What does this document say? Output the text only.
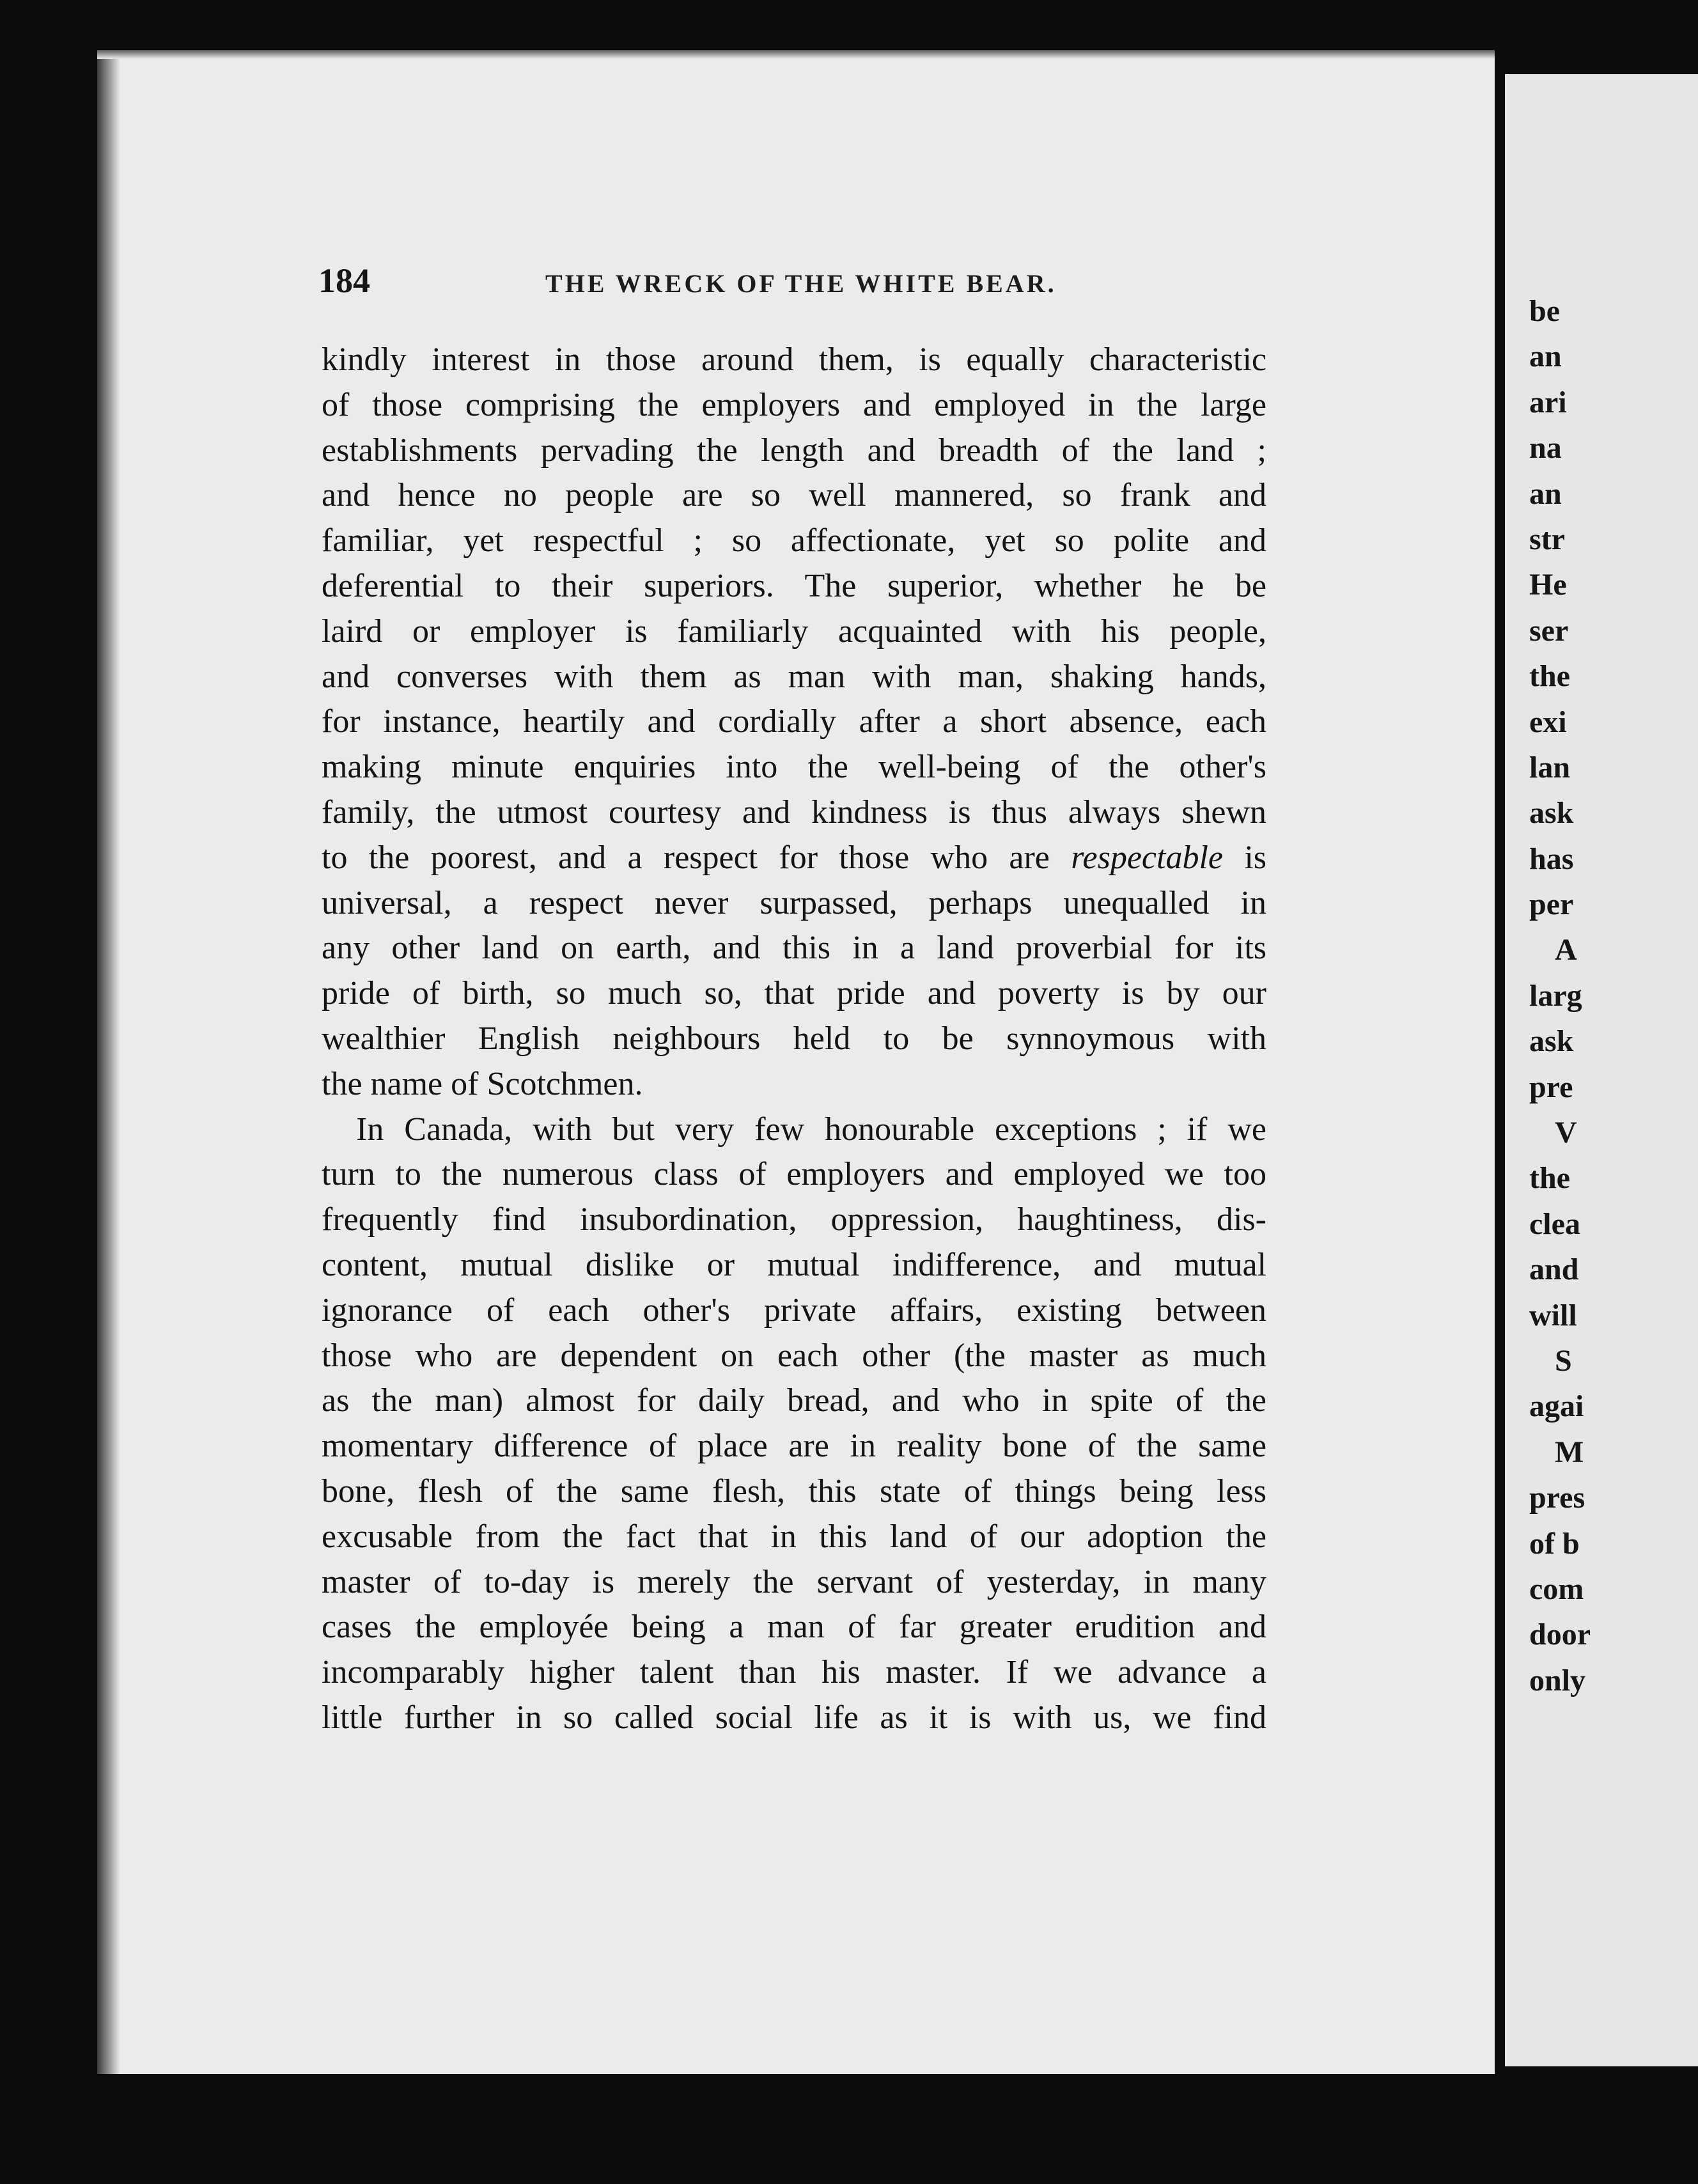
184	THE WRECK OF THE WHITE BEAR.
kindly interest in those around them, is equally characteristic
of those comprising the employers and employed in the large
establishments pervading the length and breadth of the land ;
and hence no people are so well mannered, so frank and
familiar, yet respectful ; so affectionate, yet so polite and
deferential to their superiors. The superior, whether he be
laird or employer is familiarly acquainted with his people,
and converses with them as man with man, shaking hands,
for instance, heartily and cordially after a short absence, each
making minute enquiries into the well-being of the other's
family, the utmost courtesy and kindness is thus always shewn
to the poorest, and a respect for those who are respectable is
universal, a respect never surpassed, perhaps unequalled in
any other land on earth, and this in a land proverbial for its
pride of birth, so much so, that pride and poverty is by our
wealthier English neighbours held to be synnoymous with
the name of Scotchmen.
In Canada, with but very few honourable exceptions ; if we
turn to the numerous class of employers and employed we too
frequently find insubordination, oppression, haughtiness, dis-
content, mutual dislike or mutual indifference, and mutual
ignorance of each other's private affairs, existing between
those who are dependent on each other (the master as much
as the man) almost for daily bread, and who in spite of the
momentary difference of place are in reality bone of the same
bone, flesh of the same flesh, this state of things being less
excusable from the fact that in this land of our adoption the
master of to-day is merely the servant of yesterday, in many
cases the employée being a man of far greater erudition and
incomparably higher talent than his master. If we advance a
little further in so called social life as it is with us, we find
be
an
ari
na
an
str
He
ser
the
exi
lan
ask
has
per
A
larg
ask
pre
V
the
clea
and
will
S
agai
M
pres
of b
com
door
only
